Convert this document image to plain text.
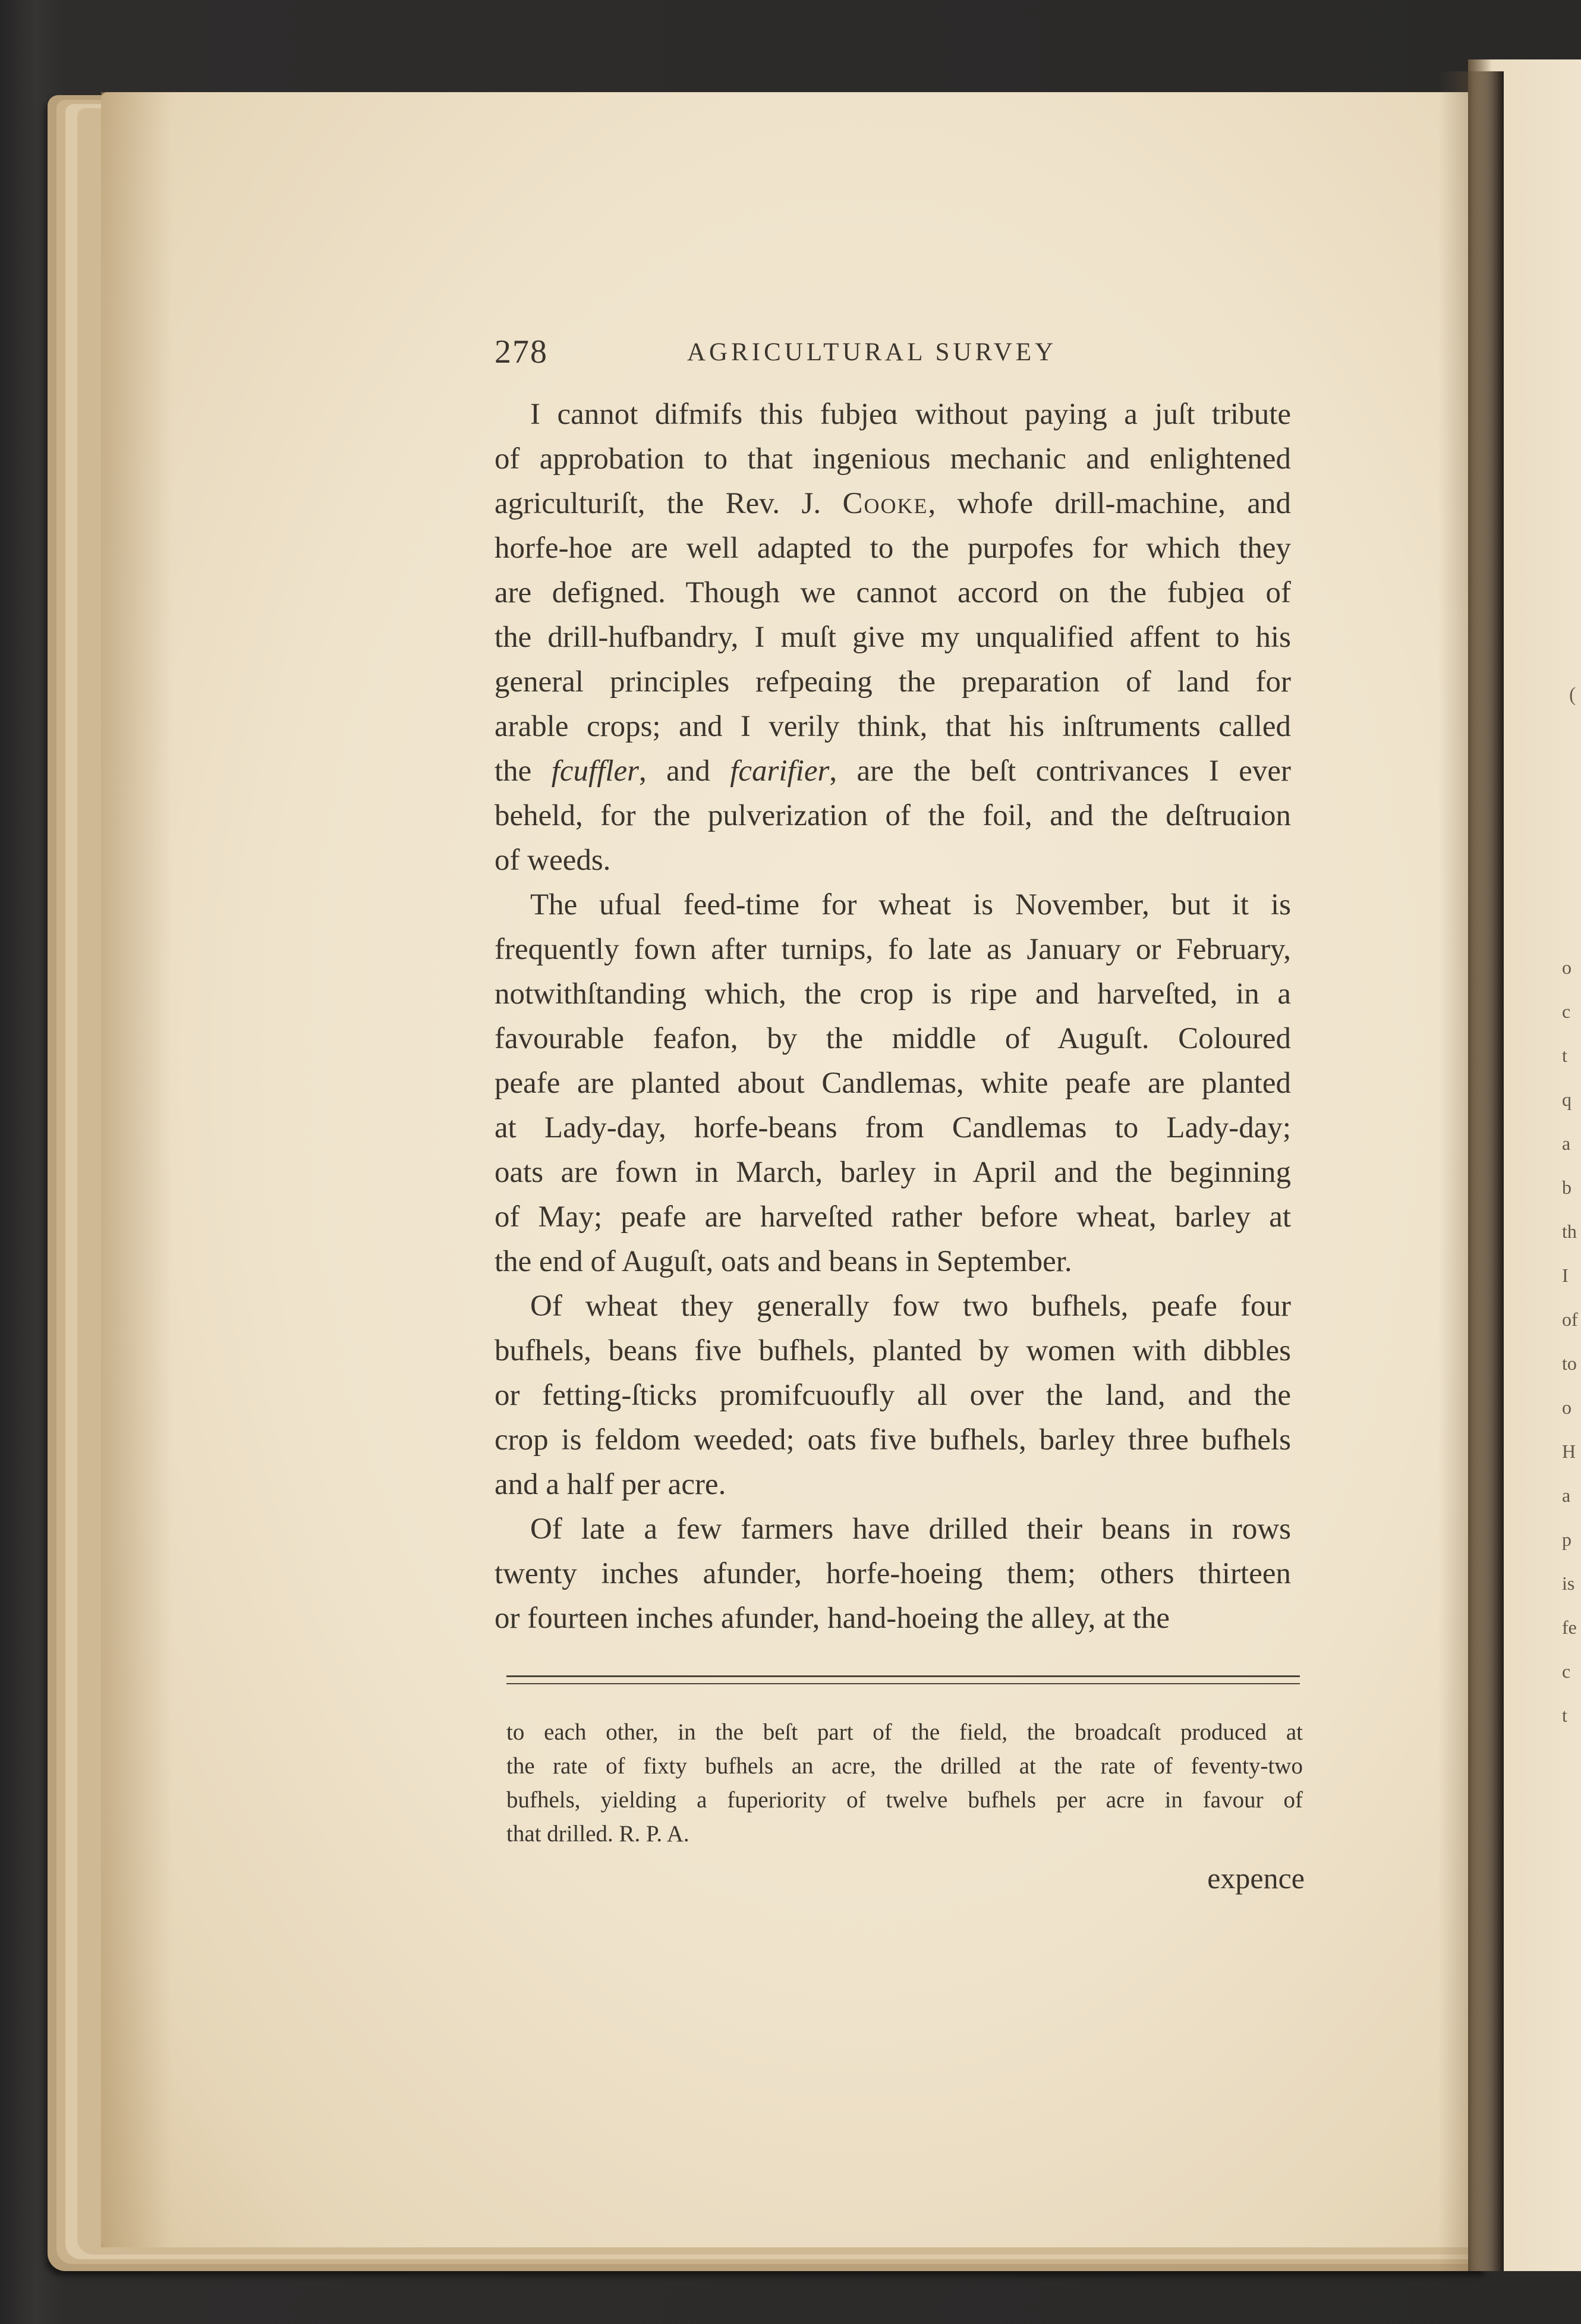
(
o
c
t
q
a
b
th
I
of
to
o
H
a
p
is
fe
c
t
278	AGRICULTURAL SURVEY
I cannot difmifs this fubjeɑ without paying a juſt tribute
of approbation to that ingenious mechanic and enlightened
agriculturiſt, the Rev. J. Cooke, whofe drill-machine, and
horfe-hoe are well adapted to the purpofes for which they
are defigned. Though we cannot accord on the fubjeɑ of
the drill-hufbandry, I muſt give my unqualified affent to his
general principles refpeɑing the preparation of land for
arable crops; and I verily think, that his inſtruments called
the fcuffler, and fcarifier, are the beſt contrivances I ever
beheld, for the pulverization of the foil, and the deſtruɑion
of weeds.
The ufual feed-time for wheat is November, but it is
frequently fown after turnips, fo late as January or February,
notwithſtanding which, the crop is ripe and harveſted, in a
favourable feafon, by the middle of Auguſt. Coloured
peafe are planted about Candlemas, white peafe are planted
at Lady-day, horfe-beans from Candlemas to Lady-day;
oats are fown in March, barley in April and the beginning
of May; peafe are harveſted rather before wheat, barley at
the end of Auguſt, oats and beans in September.
Of wheat they generally fow two bufhels, peafe four
bufhels, beans five bufhels, planted by women with dibbles
or fetting-ſticks promifcuoufly all over the land, and the
crop is feldom weeded; oats five bufhels, barley three bufhels
and a half per acre.
Of late a few farmers have drilled their beans in rows
twenty inches afunder, horfe-hoeing them; others thirteen
or fourteen inches afunder, hand-hoeing the alley, at the
to each other, in the beſt part of the field, the broadcaſt produced at
the rate of fixty bufhels an acre, the drilled at the rate of feventy-two
bufhels, yielding a fuperiority of twelve bufhels per acre in favour of
that drilled. R. P. A.
expence
